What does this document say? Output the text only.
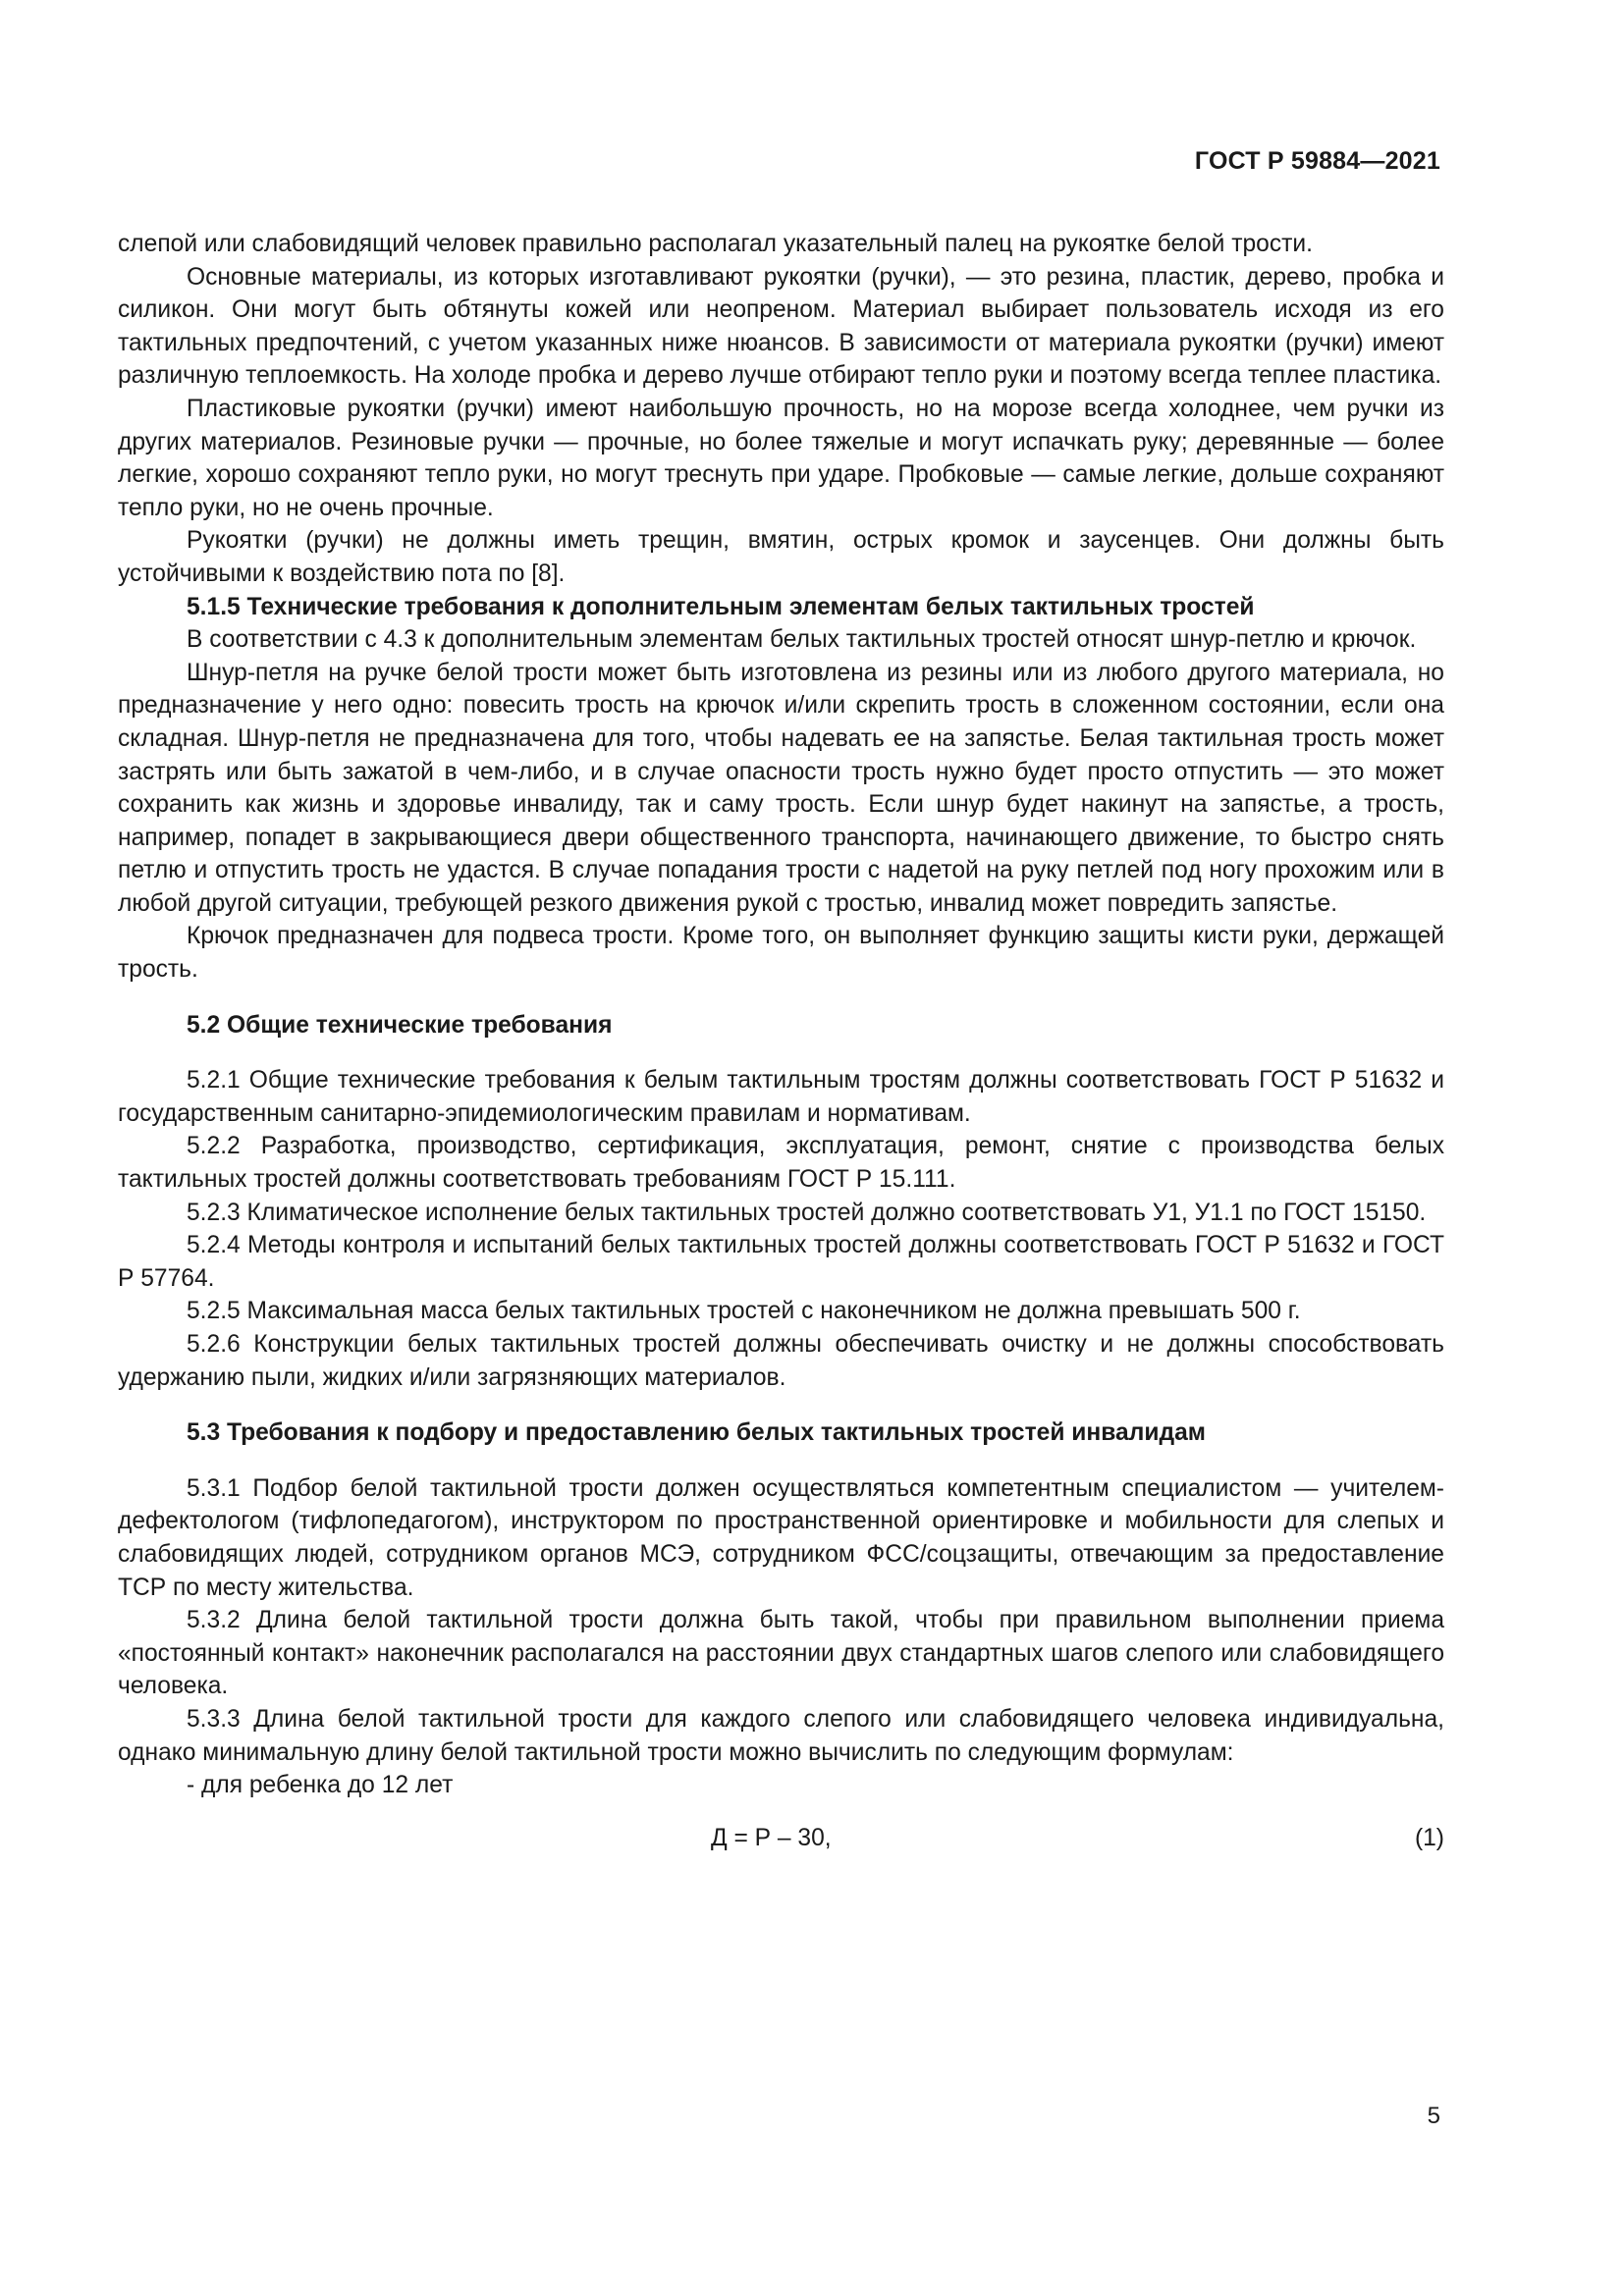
ГОСТ Р 59884—2021

слепой или слабовидящий человек правильно располагал указательный палец на рукоятке белой трости.

Основные материалы, из которых изготавливают рукоятки (ручки), — это резина, пластик, дерево, пробка и силикон. Они могут быть обтянуты кожей или неопреном. Материал выбирает пользователь исходя из его тактильных предпочтений, с учетом указанных ниже нюансов. В зависимости от материала рукоятки (ручки) имеют различную теплоемкость. На холоде пробка и дерево лучше отбирают тепло руки и поэтому всегда теплее пластика.

Пластиковые рукоятки (ручки) имеют наибольшую прочность, но на морозе всегда холоднее, чем ручки из других материалов. Резиновые ручки — прочные, но более тяжелые и могут испачкать руку; деревянные — более легкие, хорошо сохраняют тепло руки, но могут треснуть при ударе. Пробковые — самые легкие, дольше сохраняют тепло руки, но не очень прочные.

Рукоятки (ручки) не должны иметь трещин, вмятин, острых кромок и заусенцев. Они должны быть устойчивыми к воздействию пота по [8].

5.1.5 Технические требования к дополнительным элементам белых тактильных тростей

В соответствии с 4.3 к дополнительным элементам белых тактильных тростей относят шнур-петлю и крючок.

Шнур-петля на ручке белой трости может быть изготовлена из резины или из любого другого материала, но предназначение у него одно: повесить трость на крючок и/или скрепить трость в сложенном состоянии, если она складная. Шнур-петля не предназначена для того, чтобы надевать ее на запястье. Белая тактильная трость может застрять или быть зажатой в чем-либо, и в случае опасности трость нужно будет просто отпустить — это может сохранить как жизнь и здоровье инвалиду, так и саму трость. Если шнур будет накинут на запястье, а трость, например, попадет в закрывающиеся двери общественного транспорта, начинающего движение, то быстро снять петлю и отпустить трость не удастся. В случае попадания трости с надетой на руку петлей под ногу прохожим или в любой другой ситуации, требующей резкого движения рукой с тростью, инвалид может повредить запястье.

Крючок предназначен для подвеса трости. Кроме того, он выполняет функцию защиты кисти руки, держащей трость.

5.2 Общие технические требования

5.2.1 Общие технические требования к белым тактильным тростям должны соответствовать ГОСТ Р 51632 и государственным санитарно-эпидемиологическим правилам и нормативам.

5.2.2 Разработка, производство, сертификация, эксплуатация, ремонт, снятие с производства белых тактильных тростей должны соответствовать требованиям ГОСТ Р 15.111.

5.2.3 Климатическое исполнение белых тактильных тростей должно соответствовать У1, У1.1 по ГОСТ 15150.

5.2.4 Методы контроля и испытаний белых тактильных тростей должны соответствовать ГОСТ Р 51632 и ГОСТ Р 57764.

5.2.5 Максимальная масса белых тактильных тростей с наконечником не должна превышать 500 г.

5.2.6 Конструкции белых тактильных тростей должны обеспечивать очистку и не должны способствовать удержанию пыли, жидких и/или загрязняющих материалов.

5.3 Требования к подбору и предоставлению белых тактильных тростей инвалидам

5.3.1 Подбор белой тактильной трости должен осуществляться компетентным специалистом — учителем-дефектологом (тифлопедагогом), инструктором по пространственной ориентировке и мобильности для слепых и слабовидящих людей, сотрудником органов МСЭ, сотрудником ФСС/соцзащиты, отвечающим за предоставление ТСР по месту жительства.

5.3.2 Длина белой тактильной трости должна быть такой, чтобы при правильном выполнении приема «постоянный контакт» наконечник располагался на расстоянии двух стандартных шагов слепого или слабовидящего человека.

5.3.3 Длина белой тактильной трости для каждого слепого или слабовидящего человека индивидуальна, однако минимальную длину белой тактильной трости можно вычислить по следующим формулам:

- для ребенка до 12 лет

Д = Р – 30,	(1)
5
